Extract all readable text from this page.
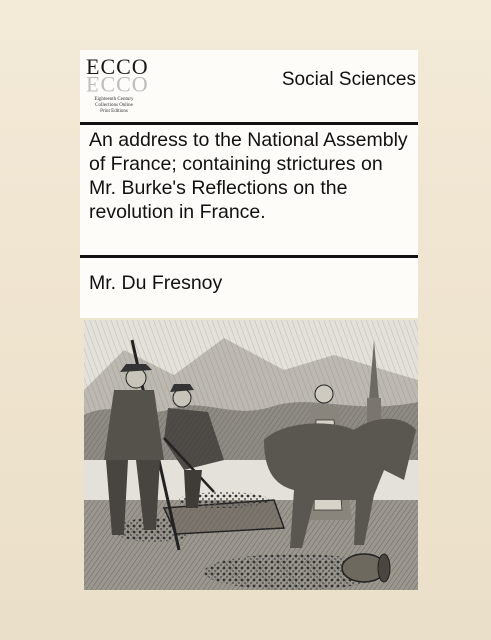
ECCO
ECCO
Eighteenth Century
Collections Online
Print Editions
Social Sciences
An address to the National Assembly of France; containing strictures on Mr. Burke's Reflections on the revolution in France.
Mr. Du Fresnoy
